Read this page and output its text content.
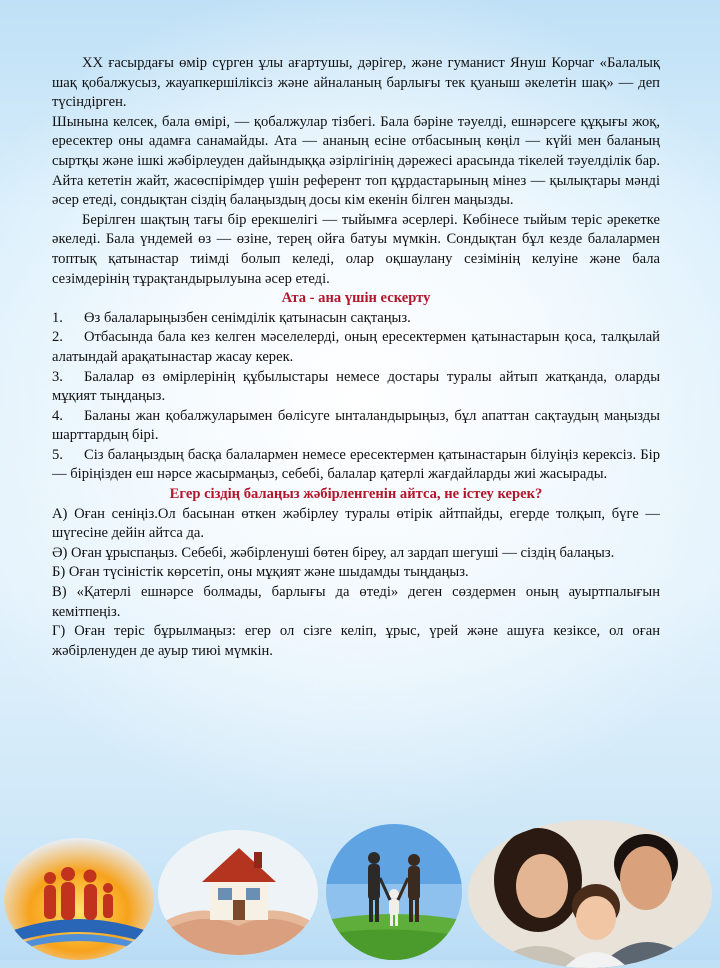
XX ғасырдағы өмір сүрген ұлы ағартушы, дәрігер, және гуманист Януш Корчаг «Балалық шақ қобалжусыз, жауапкершіліксіз және айналаның барлығы тек қуаныш әкелетін шақ» — деп түсіндірген.

Шынына келсек, бала өмірі, — қобалжулар тізбегі. Бала бәріне тәуелді, ешнәрсеге құқығы жоқ, ересектер оны адамға санамайды. Ата — ананың есіне отбасының көңіл — күйі мен баланың сыртқы және ішкі жәбірлеуден дайындыққа әзірлігінің дәрежесі арасында тікелей тәуелділік бар. Айта кететін жайт, жасөспірімдер үшін референт топ құрдастарының мінез — қылықтары мәнді әсер етеді, сондықтан сіздің балаңыздың досы кім екенін білген маңызды.

Берілген шақтың тағы бір ерекшелігі — тыйымға әсерлері. Көбінесе тыйым теріс әрекетке әкеледі. Бала үндемей өз — өзіне, терең ойға батуы мүмкін. Сондықтан бұл кезде балалармен топтық қатынастар тиімді болып келеді, олар оқшаулану сезімінің келуіне және бала сезімдерінің тұрақтандырылуына әсер етеді.

Ата - ана үшін ескерту

1. Өз балаларыңызбен сенімділік қатынасын сақтаңыз.
2. Отбасында бала кез келген мәселелерді, оның ересектермен қатынастарын қоса, талқылай алатындай арақатынастар жасау керек.
3. Балалар өз өмірлерінің құбылыстары немесе достары туралы айтып жатқанда, оларды мұқият тыңдаңыз.
4. Баланы жан қобалжуларымен бөлісуге ынталандырыңыз, бұл апаттан сақтаудың маңызды шарттардың бірі.
5. Сіз балаңыздың басқа балалармен немесе ересектермен қатынастарын білуіңіз керексіз. Бір — біріңізден еш нәрсе жасырмаңыз, себебі, балалар қатерлі жағдайларды жиі жасырады.

Егер сіздің балаңыз жәбірленгенін айтса, не істеу керек?

А) Оған сеніңіз.Ол басынан өткен жәбірлеу туралы өтірік айтпайды, егерде толқып, бүге — шүгесіне дейін айтса да.
Ә) Оған ұрыспаңыз. Себебі, жәбірленуші бөтен біреу, ал зардап шегуші — сіздің балаңыз.
Б) Оған түсіністік көрсетіп, оны мұқият және шыдамды тыңдаңыз.
В) «Қатерлі ешнәрсе болмады, барлығы да өтеді» деген сөздермен оның ауыртпалығын кемітпеңіз.
Г) Оған теріс бұрылмаңыз: егер ол сізге келіп, ұрыс, үрей және ашуға кезіксе, ол оған жәбірленуден де ауыр тиюі мүмкін.
